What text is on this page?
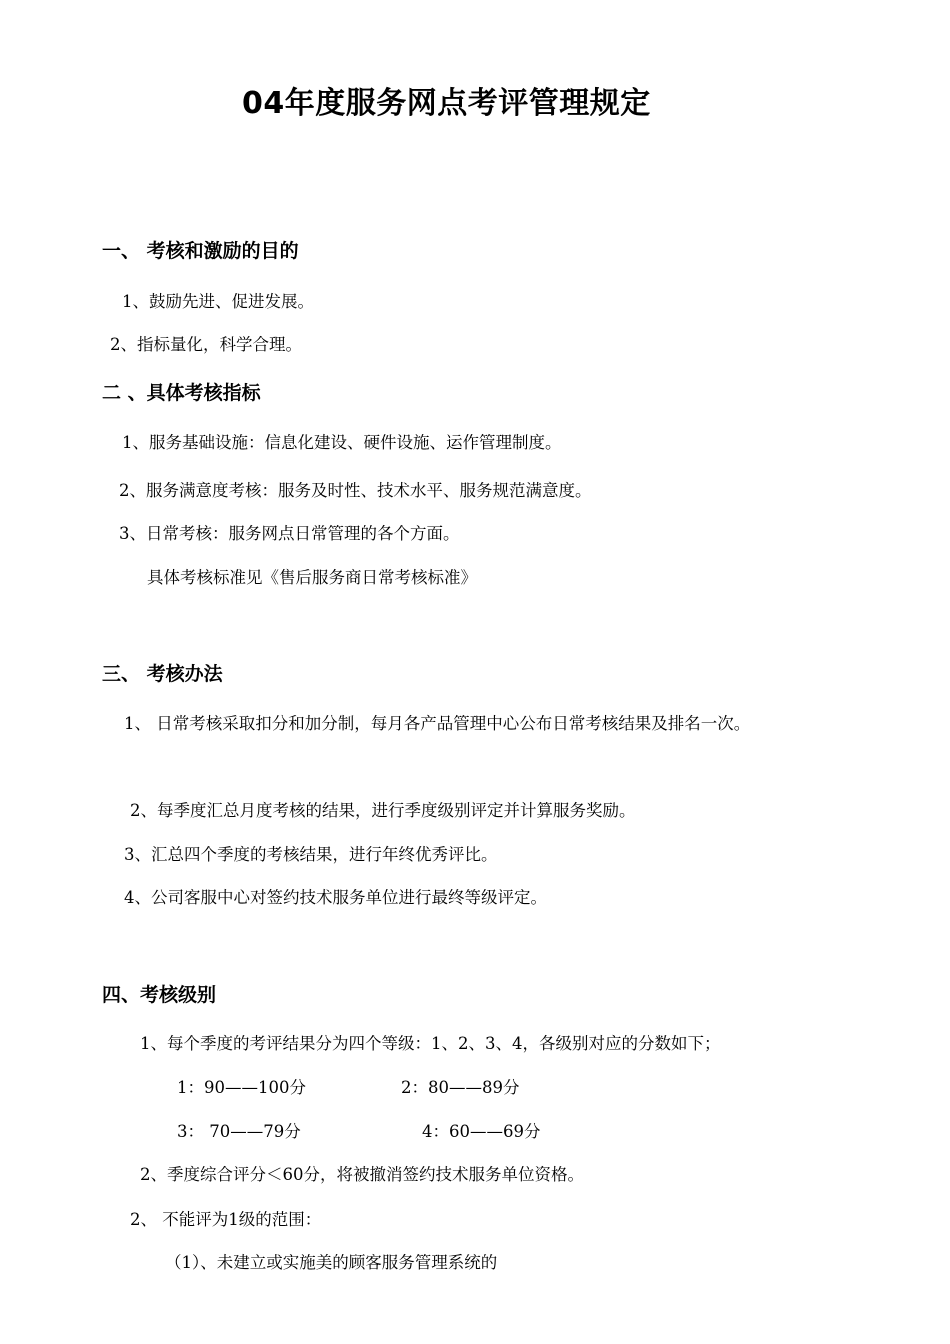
04年度服务网点考评管理规定
一、 考核和激励的目的
1、鼓励先进、促进发展。
2、指标量化，科学合理。
二 、具体考核指标
1、服务基础设施：信息化建设、硬件设施、运作管理制度。
2、服务满意度考核：服务及时性、技术水平、服务规范满意度。
3、日常考核：服务网点日常管理的各个方面。
具体考核标准见《售后服务商日常考核标准》
三、 考核办法
1、 日常考核采取扣分和加分制，每月各产品管理中心公布日常考核结果及排名一次。
2、每季度汇总月度考核的结果，进行季度级别评定并计算服务奖励。
3、汇总四个季度的考核结果，进行年终优秀评比。
4、公司客服中心对签约技术服务单位进行最终等级评定。
四、考核级别
1、每个季度的考评结果分为四个等级：1、2、3、4，各级别对应的分数如下；
1：90——100分	2：80——89分
3： 70——79分	4：60——69分
2、季度综合评分＜60分，将被撤消签约技术服务单位资格。
2、 不能评为1级的范围：
（1）、未建立或实施美的顾客服务管理系统的
